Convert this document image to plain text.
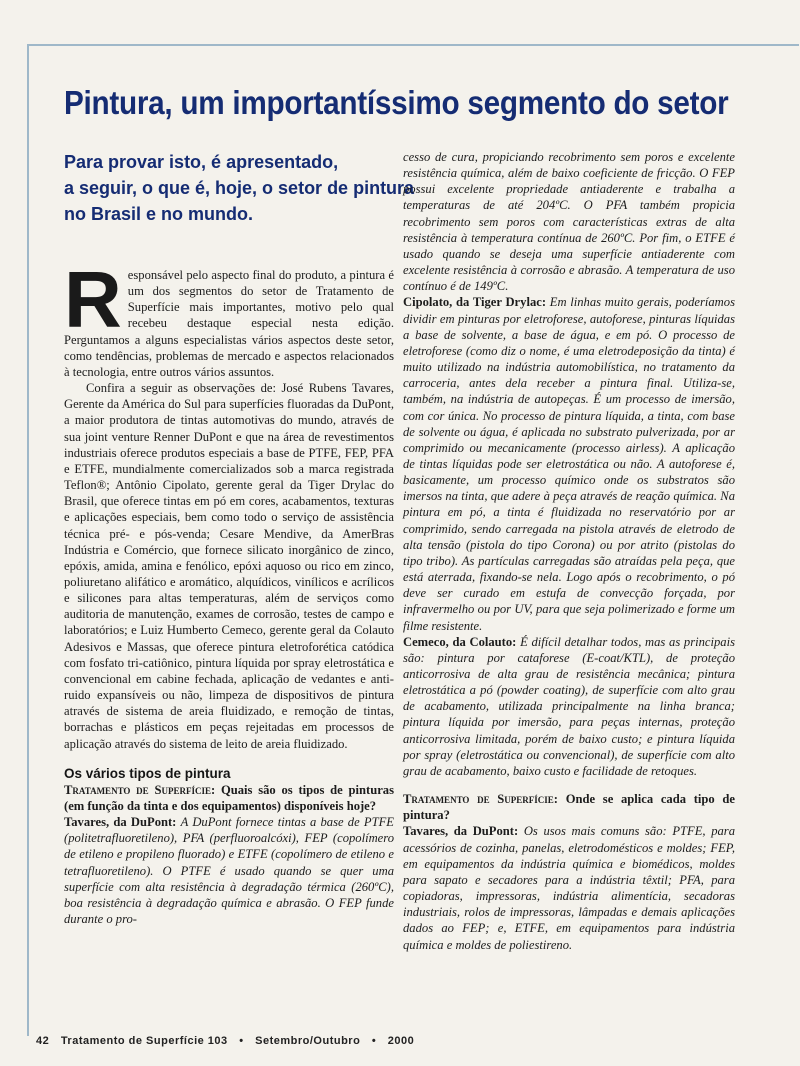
Pintura, um importantíssimo segmento do setor
Para provar isto, é apresentado,
a seguir, o que é, hoje, o setor de pintura
no Brasil e no mundo.

Responsável pelo aspecto final do produto, a pintura é um dos segmentos do setor de Tratamento de Superfície mais importantes, motivo pelo qual recebeu destaque especial nesta edição. Perguntamos a alguns especialistas vários aspectos deste setor, como tendências, problemas de mercado e aspectos relacionados à tecnologia, entre outros vários assuntos.

Confira a seguir as observações de: José Rubens Tavares, Gerente da América do Sul para superfícies fluoradas da DuPont, a maior produtora de tintas automotivas do mundo, através de sua joint venture Renner DuPont e que na área de revestimentos industriais oferece produtos especiais a base de PTFE, FEP, PFA e ETFE, mundialmente comercializados sob a marca registrada Teflon®; Antônio Cipolato, gerente geral da Tiger Drylac do Brasil, que oferece tintas em pó em cores, acabamentos, texturas e aplicações especiais, bem como todo o serviço de assistência técnica pré- e pós-venda; Cesare Mendive, da AmerBras Indústria e Comércio, que fornece silicato inorgânico de zinco, epóxis, amida, amina e fenólico, epóxi aquoso ou rico em zinco, poliuretano alifático e aromático, alquídicos, vinílicos e acrílicos e silicones para altas temperaturas, além de serviços como auditoria de manutenção, exames de corrosão, testes de campo e laboratórios; e Luiz Humberto Cemeco, gerente geral da Colauto Adesivos e Massas, que oferece pintura eletroforética catódica com fosfato tri-catiônico, pintura líquida por spray eletrostática e convencional em cabine fechada, aplicação de vedantes e anti-ruido expansíveis ou não, limpeza de dispositivos de pintura através de sistema de areia fluidizado, e remoção de tintas, borrachas e plásticos em peças rejeitadas em processos de aplicação através do sistema de leito de areia fluidizado.

Os vários tipos de pintura

Tratamento de Superfície: Quais são os tipos de pinturas (em função da tinta e dos equipamentos) disponíveis hoje?

Tavares, da DuPont: A DuPont fornece tintas a base de PTFE (politetrafluoretileno), PFA (perfluoroalcóxi), FEP (copolímero de etileno e propileno fluorado) e ETFE (copolímero de etileno e tetrafluoretileno). O PTFE é usado quando se quer uma superfície com alta resistência à degradação térmica (260ºC), boa resistência à degradação química e abrasão. O FEP funde durante o pro-

cesso de cura, propiciando recobrimento sem poros e excelente resistência química, além de baixo coeficiente de fricção. O FEP possui excelente propriedade antiaderente e trabalha a temperaturas de até 204ºC. O PFA também propicia recobrimento sem poros com características extras de alta resistência à temperatura contínua de 260ºC. Por fim, o ETFE é usado quando se deseja uma superfície antiaderente com excelente resistência à corrosão e abrasão. A temperatura de uso contínuo é de 149ºC.

Cipolato, da Tiger Drylac: Em linhas muito gerais, poderíamos dividir em pinturas por eletroforese, autoforese, pinturas líquidas a base de solvente, a base de água, e em pó. O processo de eletroforese (como diz o nome, é uma eletrodeposição da tinta) é muito utilizado na indústria automobilística, no tratamento da carroceria, antes dela receber a pintura final. Utiliza-se, também, na indústria de autopeças. É um processo de imersão, com cor única. No processo de pintura líquida, a tinta, com base de solvente ou água, é aplicada no substrato pulverizada, por ar comprimido ou mecanicamente (processo airless). A aplicação de tintas líquidas pode ser eletrostática ou não. A autoforese é, basicamente, um processo químico onde os substratos são imersos na tinta, que adere à peça através de reação química. Na pintura em pó, a tinta é fluidizada no reservatório por ar comprimido, sendo carregada na pistola através de eletrodo de alta tensão (pistola do tipo Corona) ou por atrito (pistolas do tipo tribo). As partículas carregadas são atraídas pela peça, que está aterrada, fixando-se nela. Logo após o recobrimento, o pó deve ser curado em estufa de convecção forçada, por infravermelho ou por UV, para que seja polimerizado e forme um filme resistente.

Cemeco, da Colauto: É difícil detalhar todos, mas as principais são: pintura por cataforese (E-coat/KTL), de proteção anticorrosiva de alta grau de resistência mecânica; pintura eletrostática a pó (powder coating), de superfície com alto grau de acabamento, utilizada principalmente na linha branca; pintura líquida por imersão, para peças internas, proteção anticorrosiva limitada, porém de baixo custo; e pintura líquida por spray (eletrostática ou convencional), de superfície com alto grau de acabamento, baixo custo e facilidade de retoques.

Tratamento de Superfície: Onde se aplica cada tipo de pintura?

Tavares, da DuPont: Os usos mais comuns são: PTFE, para acessórios de cozinha, panelas, eletrodomésticos e moldes; FEP, em equipamentos da indústria química e biomédicos, moldes para sapato e secadores para a indústria têxtil; PFA, para copiadoras, impressoras, indústria alimentícia, secadoras industriais, rolos de impressoras, lâmpadas e demais aplicações dados ao FEP; e, ETFE, em equipamentos para indústria química e moldes de poliestireno.

42 Tratamento de Superfície 103 • Setembro/Outubro • 2000
